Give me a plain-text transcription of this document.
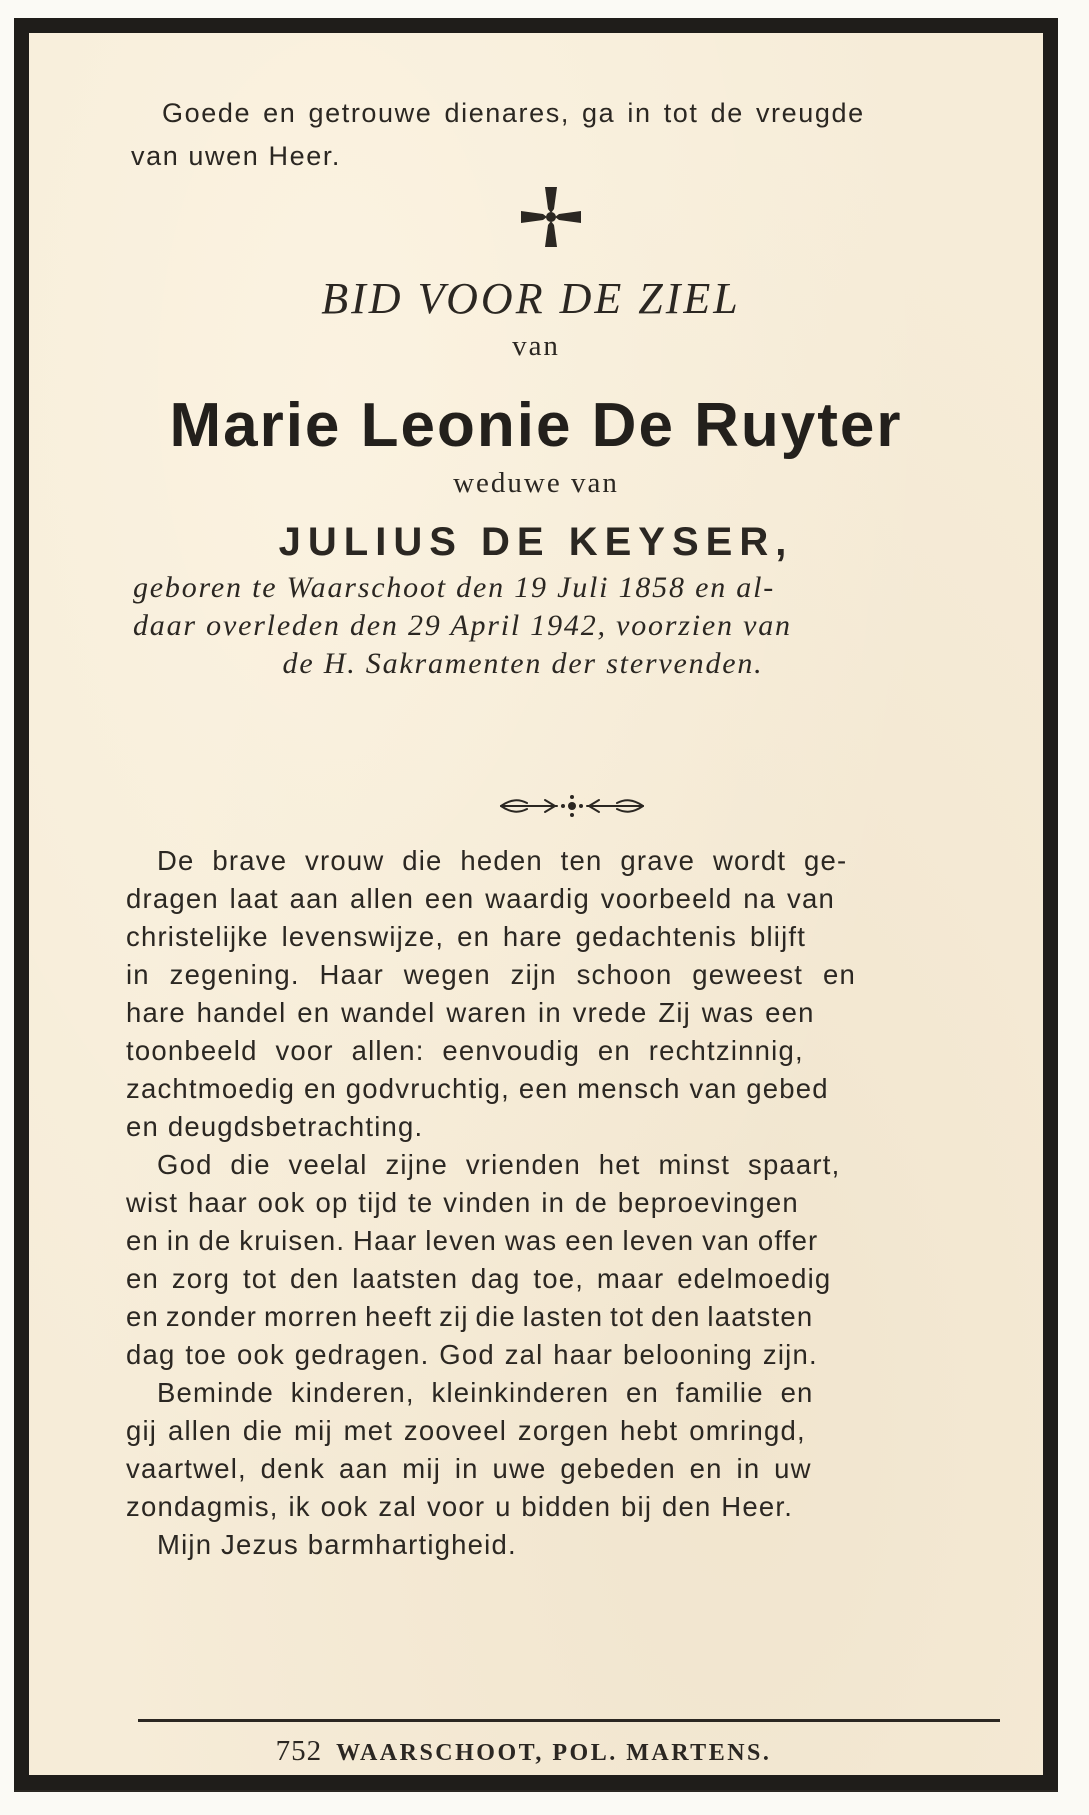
Goede en getrouwe dienares, ga in tot de vreugde
van uwen Heer.
BID VOOR DE ZIEL
van
Marie Leonie De Ruyter
weduwe van
JULIUS DE KEYSER,
geboren te Waarschoot den 19 Juli 1858 en al-
daar overleden den 29 April 1942, voorzien van
de H. Sakramenten der stervenden.
De brave vrouw die heden ten grave wordt ge-
dragen laat aan allen een waardig voorbeeld na van
christelijke levenswijze, en hare gedachtenis blijft
in zegening. Haar wegen zijn schoon geweest en
hare handel en wandel waren in vrede Zij was een
toonbeeld voor allen: eenvoudig en rechtzinnig,
zachtmoedig en godvruchtig, een mensch van gebed
en deugdsbetrachting.
God die veelal zijne vrienden het minst spaart,
wist haar ook op tijd te vinden in de beproevingen
en in de kruisen. Haar leven was een leven van offer
en zorg tot den laatsten dag toe, maar edelmoedig
en zonder morren heeft zij die lasten tot den laatsten
dag toe ook gedragen. God zal haar belooning zijn.
Beminde kinderen, kleinkinderen en familie en
gij allen die mij met zooveel zorgen hebt omringd,
vaartwel, denk aan mij in uwe gebeden en in uw
zondagmis, ik ook zal voor u bidden bij den Heer.
Mijn Jezus barmhartigheid.
752 WAARSCHOOT, POL. MARTENS.
